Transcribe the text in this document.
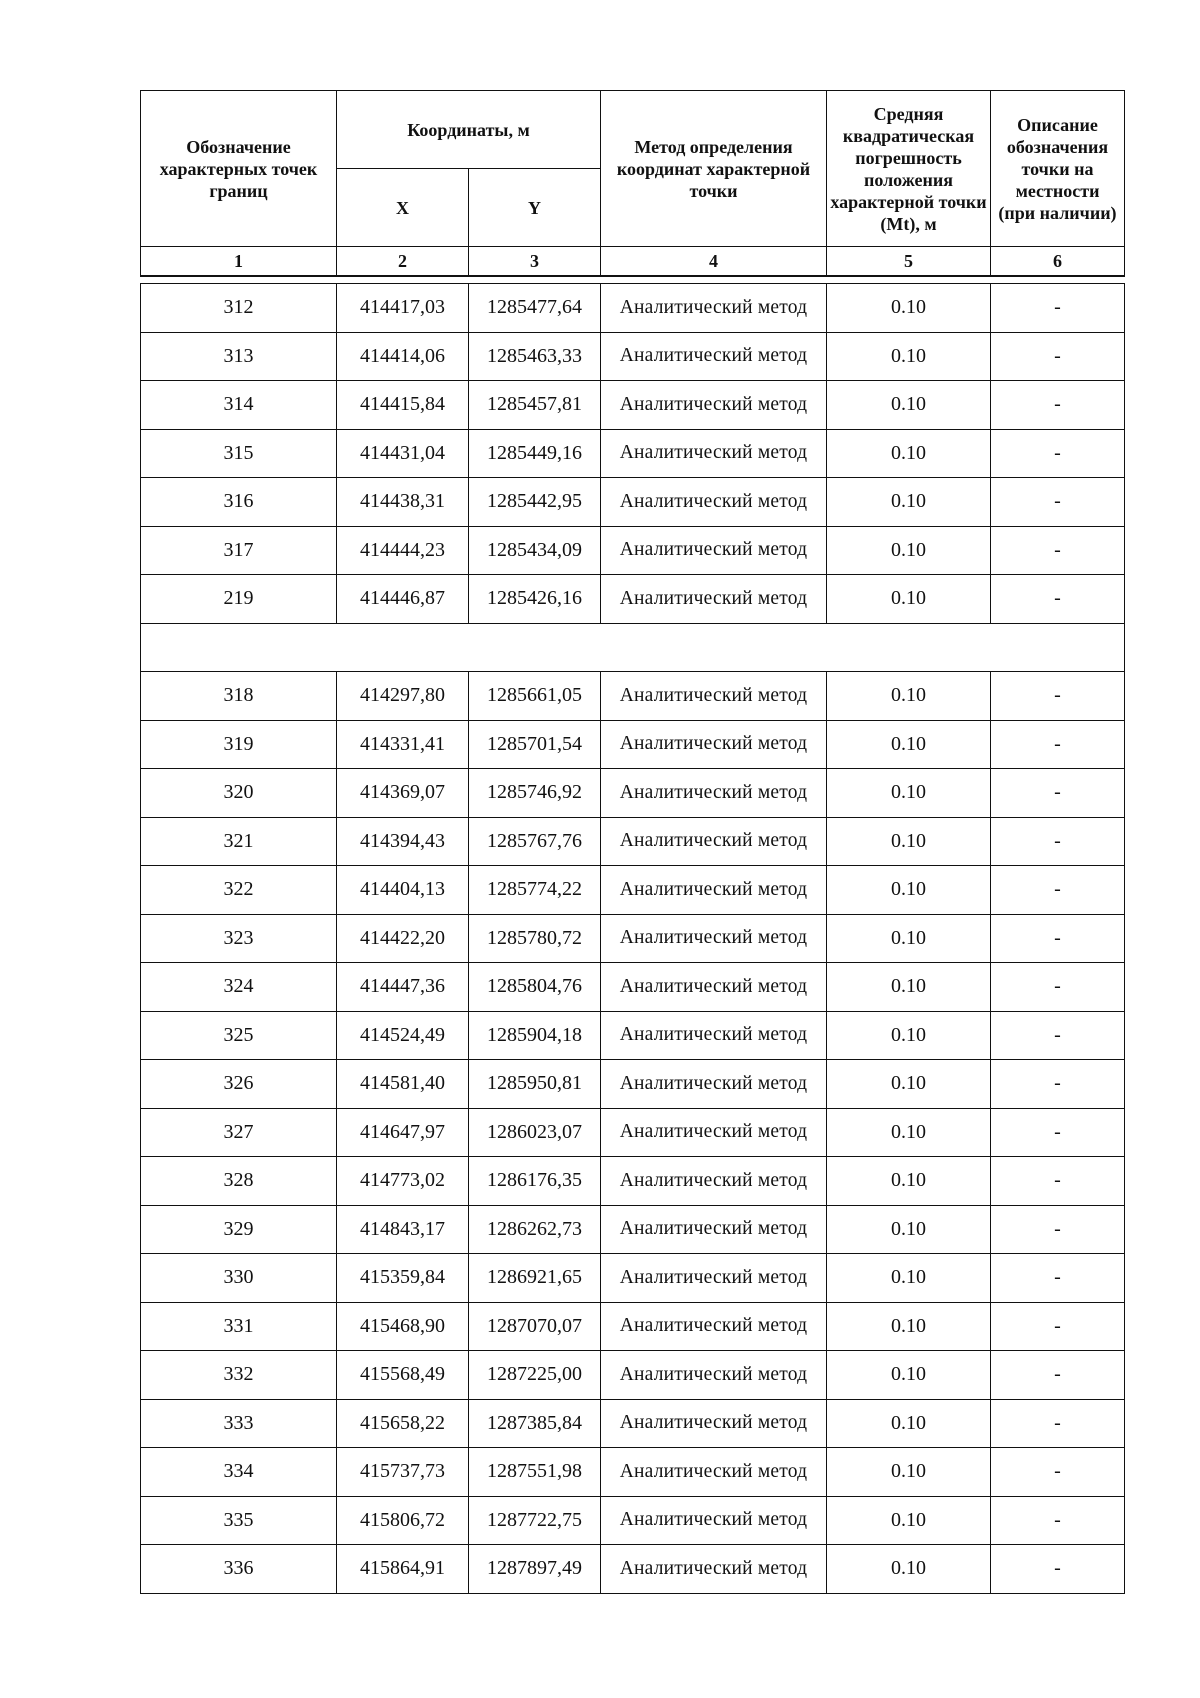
Обозначение характерных точек границ	Координаты, м		Метод определения координат характерной точки	Средняя квадратическая погрешность положения характерной точки (Mt), м	Описание обозначения точки на местности (при наличии)
	X	Y			
1	2	3	4	5	6

312	414417,03	1285477,64	Аналитический метод	0.10	-
313	414414,06	1285463,33	Аналитический метод	0.10	-
314	414415,84	1285457,81	Аналитический метод	0.10	-
315	414431,04	1285449,16	Аналитический метод	0.10	-
316	414438,31	1285442,95	Аналитический метод	0.10	-
317	414444,23	1285434,09	Аналитический метод	0.10	-
219	414446,87	1285426,16	Аналитический метод	0.10	-

318	414297,80	1285661,05	Аналитический метод	0.10	-
319	414331,41	1285701,54	Аналитический метод	0.10	-
320	414369,07	1285746,92	Аналитический метод	0.10	-
321	414394,43	1285767,76	Аналитический метод	0.10	-
322	414404,13	1285774,22	Аналитический метод	0.10	-
323	414422,20	1285780,72	Аналитический метод	0.10	-
324	414447,36	1285804,76	Аналитический метод	0.10	-
325	414524,49	1285904,18	Аналитический метод	0.10	-
326	414581,40	1285950,81	Аналитический метод	0.10	-
327	414647,97	1286023,07	Аналитический метод	0.10	-
328	414773,02	1286176,35	Аналитический метод	0.10	-
329	414843,17	1286262,73	Аналитический метод	0.10	-
330	415359,84	1286921,65	Аналитический метод	0.10	-
331	415468,90	1287070,07	Аналитический метод	0.10	-
332	415568,49	1287225,00	Аналитический метод	0.10	-
333	415658,22	1287385,84	Аналитический метод	0.10	-
334	415737,73	1287551,98	Аналитический метод	0.10	-
335	415806,72	1287722,75	Аналитический метод	0.10	-
336	415864,91	1287897,49	Аналитический метод	0.10	-
